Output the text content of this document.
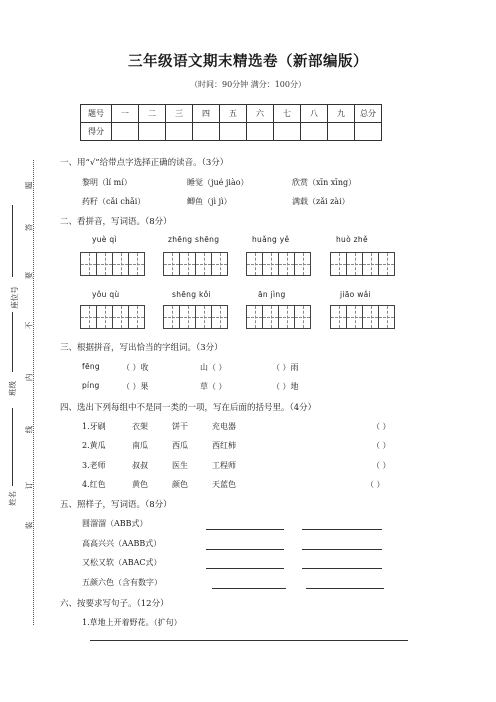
题
答
要
不
内
线
订
装
座位号
班级
姓名
三年级语文期末精选卷（新部编版）
（时间：90分钟 满分：100分）
题号	一	二	三	四	五	六	七	八	九	总分
得分										
一、用“√”给带点字选择正确的读音。（3分）
黎明（lí mí）	睡觉（jué jiào）	欣赏（xīn xīng）
药籽（cǎi chǎi）	鲫鱼（jì jì）	满载（zǎi zài）
二、看拼音，写词语。（8分）
yuè qì	zhēng shēng	huǎng yě	huò zhě
yǒu qù	shēng kǒi	ān jìng	jiāo wǎi
三、根据拼音，写出恰当的字组词。（3分）
fēng	（ ）收	山（ ）	（ ）雨
píng	（ ）果	草（ ）	（ ）地
四、选出下列每组中不是同一类的一项，写在后面的括号里。（4分）
1.牙刷	衣架	饼干	充电器	（ ）
2.黄瓜	南瓜	西瓜	西红柿	（ ）
3.老师	叔叔	医生	工程师	（ ）
4.红色	黄色	颜色	天蓝色	（ ）
五、照样子，写词语。（8分）
圆溜溜（ABB式）
高高兴兴（AABB式）
又松又软（ABAC式）
五颜六色（含有数字）
六、按要求写句子。（12分）
1.草地上开着野花。（扩句）
